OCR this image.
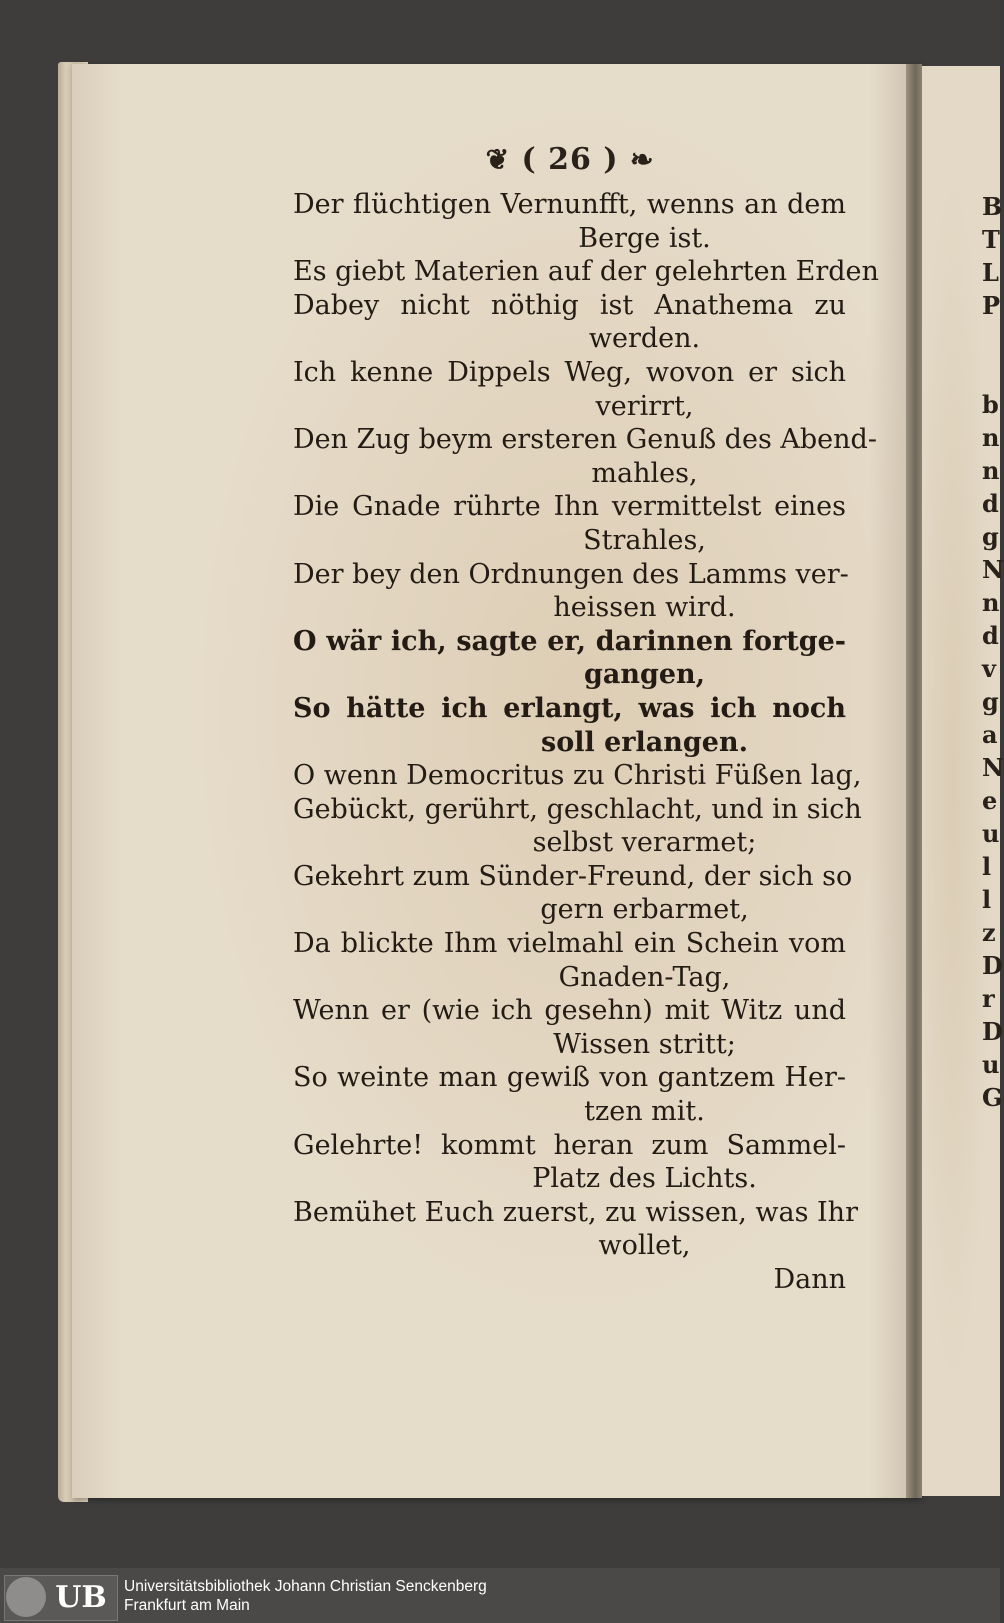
B
T
L
P
b
n
n
d
g
N
n
d
v
g
a
N
e
u
l
l
z
D
r
D
u
G
❦ ( 26 ) ❧
Der flüchtigen Vernunfft, wenns an dem
Berge ist.
Es giebt Materien auf der gelehrten Erden
Dabey nicht nöthig ist Anathema zu
werden.
Ich kenne Dippels Weg, wovon er sich
verirrt,
Den Zug beym ersteren Genuß des Abend-
mahles,
Die Gnade rührte Ihn vermittelst eines
Strahles,
Der bey den Ordnungen des Lamms ver-
heissen wird.
O wär ich, sagte er, darinnen fortge-
gangen,
So hätte ich erlangt, was ich noch
soll erlangen.
O wenn Democritus zu Christi Füßen lag,
Gebückt, gerührt, geschlacht, und in sich
selbst verarmet;
Gekehrt zum Sünder-Freund, der sich so
gern erbarmet,
Da blickte Ihm vielmahl ein Schein vom
Gnaden-Tag,
Wenn er (wie ich gesehn) mit Witz und
Wissen stritt;
So weinte man gewiß von gantzem Her-
tzen mit.
Gelehrte! kommt heran zum Sammel-
Platz des Lichts.
Bemühet Euch zuerst, zu wissen, was Ihr
wollet,
Dann
UB	Universitätsbibliothek Johann Christian Senckenberg
Frankfurt am Main
